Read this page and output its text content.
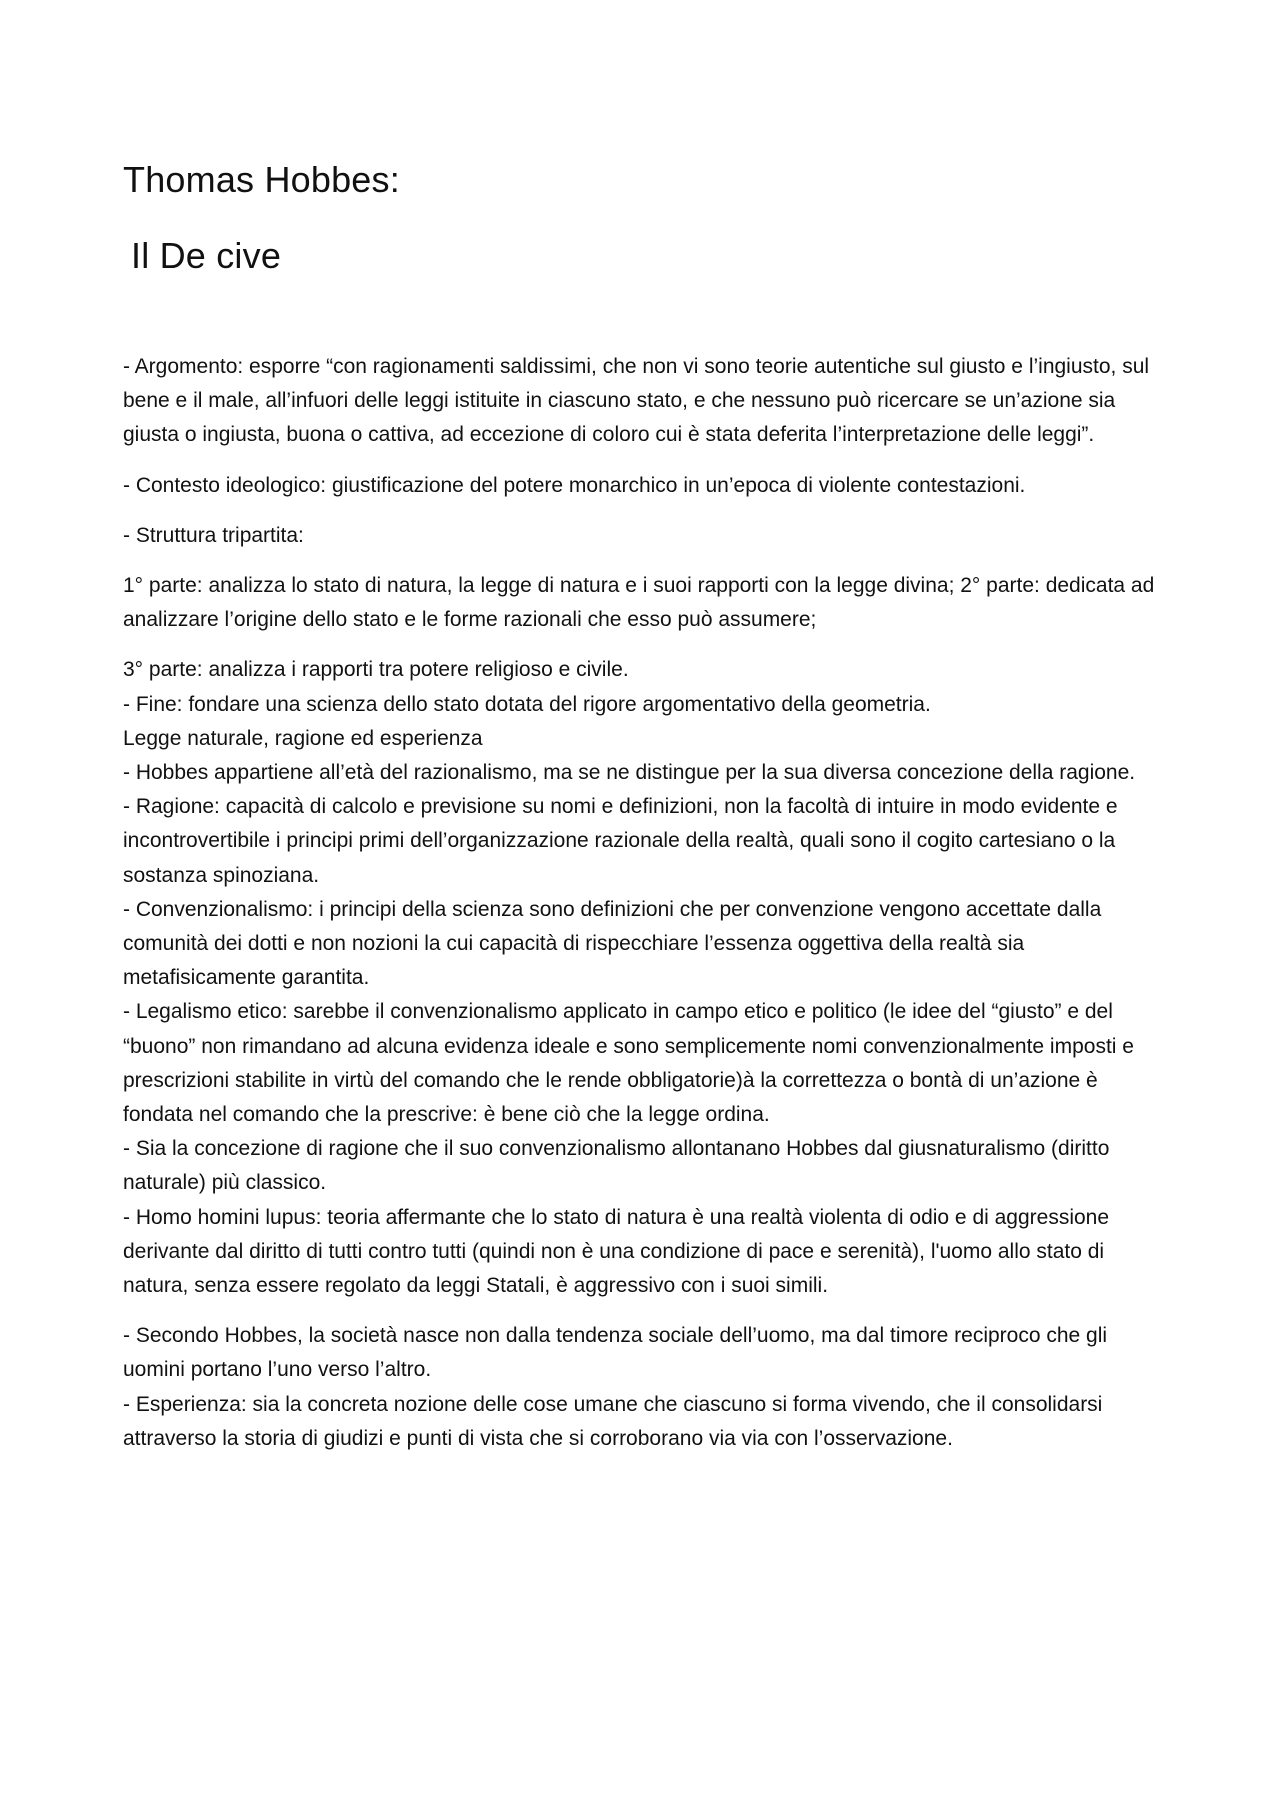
Thomas Hobbes:
Il De cive

- Argomento: esporre “con ragionamenti saldissimi, che non vi sono teorie autentiche sul giusto e l’ingiusto, sul bene e il male, all’infuori delle leggi istituite in ciascuno stato, e che nessuno può ricercare se un’azione sia giusta o ingiusta, buona o cattiva, ad eccezione di coloro cui è stata deferita l’interpretazione delle leggi”.

- Contesto ideologico: giustificazione del potere monarchico in un’epoca di violente contestazioni.

- Struttura tripartita:

1° parte: analizza lo stato di natura, la legge di natura e i suoi rapporti con la legge divina; 2° parte: dedicata ad analizzare l’origine dello stato e le forme razionali che esso può assumere;

3° parte: analizza i rapporti tra potere religioso e civile.

- Fine: fondare una scienza dello stato dotata del rigore argomentativo della geometria.

Legge naturale, ragione ed esperienza

- Hobbes appartiene all’età del razionalismo, ma se ne distingue per la sua diversa concezione della ragione.

- Ragione: capacità di calcolo e previsione su nomi e definizioni, non la facoltà di intuire in modo evidente e incontrovertibile i principi primi dell’organizzazione razionale della realtà, quali sono il cogito cartesiano o la sostanza spinoziana.

- Convenzionalismo: i principi della scienza sono definizioni che per convenzione vengono accettate dalla comunità dei dotti e non nozioni la cui capacità di rispecchiare l’essenza oggettiva della realtà sia metafisicamente garantita.

- Legalismo etico: sarebbe il convenzionalismo applicato in campo etico e politico (le idee del “giusto” e del “buono” non rimandano ad alcuna evidenza ideale e sono semplicemente nomi convenzionalmente imposti e prescrizioni stabilite in virtù del comando che le rende obbligatorie)à la correttezza o bontà di un’azione è fondata nel comando che la prescrive: è bene ciò che la legge ordina.

- Sia la concezione di ragione che il suo convenzionalismo allontanano Hobbes dal giusnaturalismo (diritto naturale) più classico.

- Homo homini lupus: teoria affermante che lo stato di natura è una realtà violenta di odio e di aggressione derivante dal diritto di tutti contro tutti (quindi non è una condizione di pace e serenità), l'uomo allo stato di natura, senza essere regolato da leggi Statali, è aggressivo con i suoi simili.

- Secondo Hobbes, la società nasce non dalla tendenza sociale dell’uomo, ma dal timore reciproco che gli uomini portano l’uno verso l’altro.

- Esperienza: sia la concreta nozione delle cose umane che ciascuno si forma vivendo, che il consolidarsi attraverso la storia di giudizi e punti di vista che si corroborano via via con l’osservazione.
